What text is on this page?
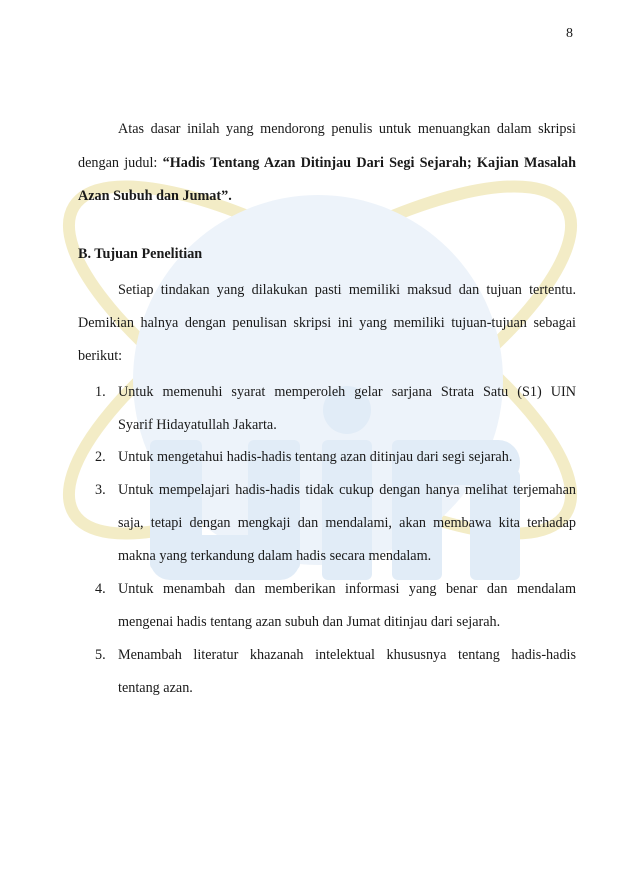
8
Atas dasar inilah yang mendorong penulis untuk menuangkan dalam skripsi
dengan judul: “Hadis Tentang Azan Ditinjau Dari Segi Sejarah; Kajian Masalah
Azan Subuh dan Jumat”.
B. Tujuan Penelitian
Setiap tindakan yang dilakukan pasti memiliki maksud dan tujuan tertentu.
Demikian halnya dengan penulisan skripsi ini yang memiliki tujuan-tujuan sebagai
berikut:
1. Untuk memenuhi syarat memperoleh gelar sarjana Strata Satu (S1) UIN
Syarif Hidayatullah Jakarta.
2. Untuk mengetahui hadis-hadis tentang azan ditinjau dari segi sejarah.
3. Untuk mempelajari hadis-hadis tidak cukup dengan hanya melihat terjemahan
saja, tetapi dengan mengkaji dan mendalami, akan membawa kita terhadap
makna yang terkandung dalam hadis secara mendalam.
4. Untuk menambah dan memberikan informasi yang benar dan mendalam
mengenai hadis tentang azan subuh dan Jumat ditinjau dari sejarah.
5. Menambah literatur khazanah intelektual khususnya tentang hadis-hadis
tentang azan.
